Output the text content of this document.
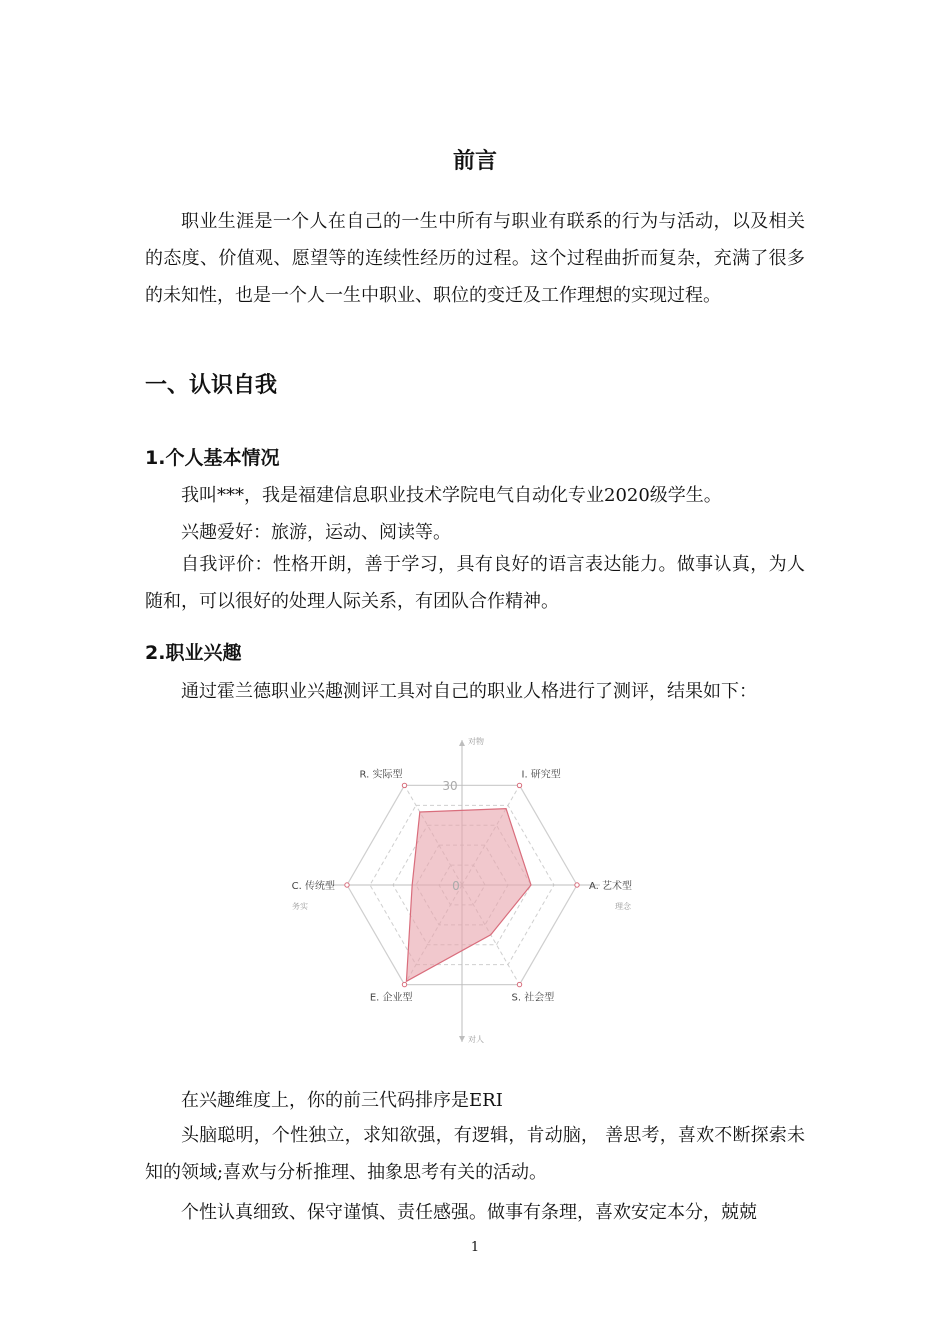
前言

职业生涯是一个人在自己的一生中所有与职业有联系的行为与活动，以及相关的态度、价值观、愿望等的连续性经历的过程。这个过程曲折而复杂，充满了很多的未知性，也是一个人一生中职业、职位的变迁及工作理想的实现过程。

一、认识自我
1.个人基本情况

我叫***，我是福建信息职业技术学院电气自动化专业2020级学生。

兴趣爱好：旅游，运动、阅读等。

自我评价：性格开朗，善于学习，具有良好的语言表达能力。做事认真，为人随和，可以很好的处理人际关系，有团队合作精神。

2.职业兴趣

通过霍兰德职业兴趣测评工具对自己的职业人格进行了测评，结果如下：

R. 实际型	I. 研究型
A. 艺术型
S. 社会型
E. 企业型
C. 传统型
30
0
对物
对人
务实	理念

在兴趣维度上，你的前三代码排序是ERI

头脑聪明，个性独立，求知欲强，有逻辑，肯动脑， 善思考，喜欢不断探索未知的领域;喜欢与分析推理、抽象思考有关的活动。

个性认真细致、保守谨慎、责任感强。做事有条理，喜欢安定本分，兢兢

1
